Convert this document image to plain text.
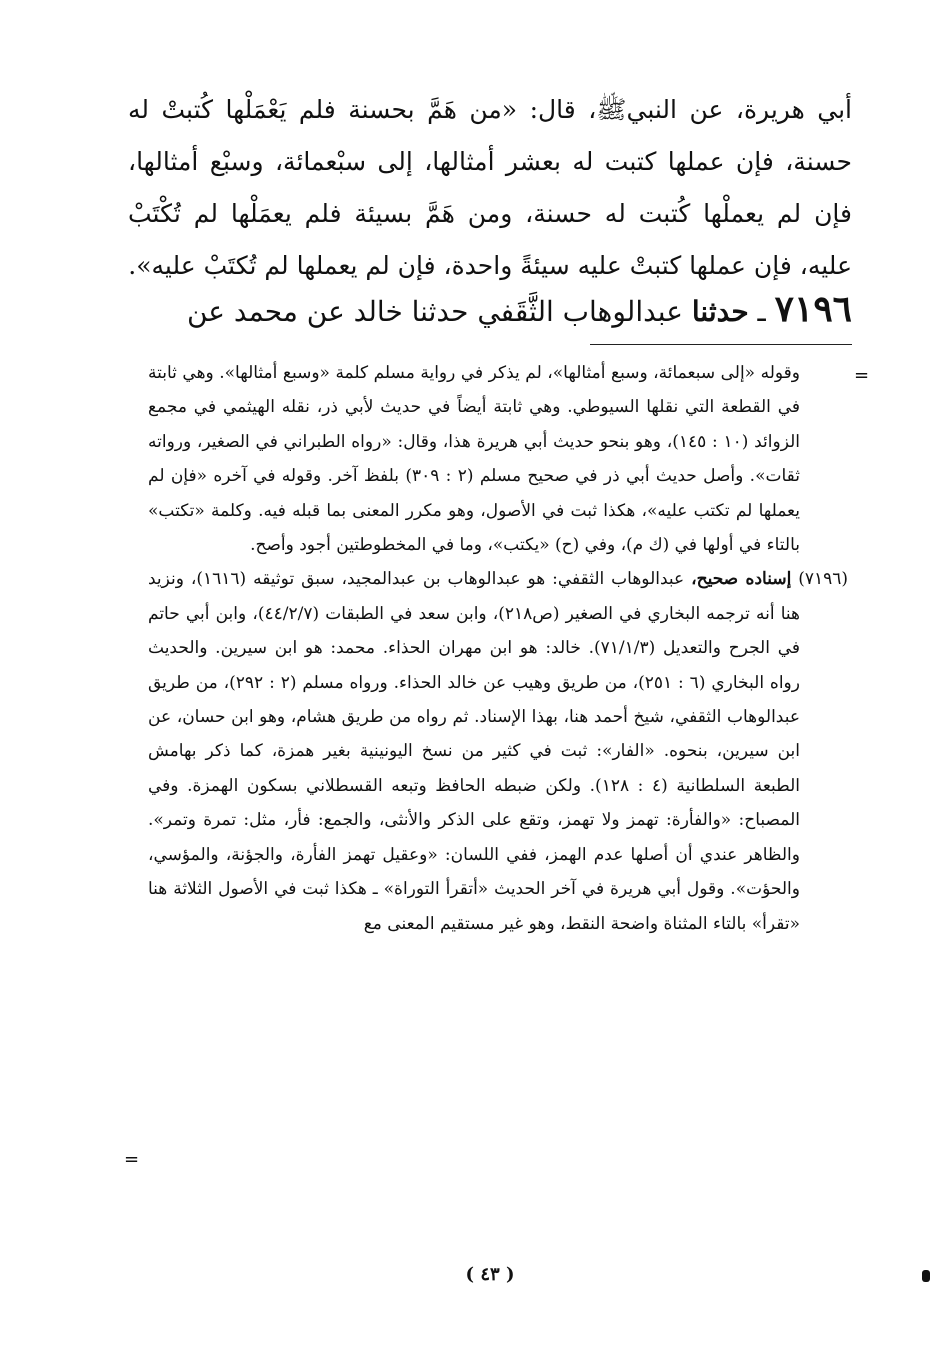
أبي هريرة، عن النبيﷺ، قال: «من هَمَّ بحسنة فلم يَعْمَلْها كُتبتْ له حسنة، فإن عملها كتبت له بعشر أمثالها، إلى سبْعمائة، وسبْع أمثالها، فإن لم يعملْها كُتبت له حسنة، ومن هَمَّ بسيئة فلم يعمَلْها لم تُكْتَبْ عليه، فإن عملها كتبتْ عليه سيئةً واحدة، فإن لم يعملها لم تُكتَبْ عليه».

٧١٩٦ ـ حدثنا عبدالوهاب الثَّقَفي حدثنا خالد عن محمد عن
=

وقوله «إلى سبعمائة، وسبع أمثالها»، لم يذكر في رواية مسلم كلمة «وسبع أمثالها». وهي ثابتة في القطعة التي نقلها السيوطي. وهي ثابتة أيضاً في حديث لأبي ذر، نقله الهيثمي في مجمع الزوائد (١٠ : ١٤٥)، وهو بنحو حديث أبي هريرة هذا، وقال: «رواه الطبراني في الصغير، ورواته ثقات». وأصل حديث أبي ذر في صحيح مسلم (٢ : ٣٠٩) بلفظ آخر. وقوله في آخره «فإن لم يعملها لم تكتب عليه»، هكذا ثبت في الأصول، وهو مكرر المعنى بما قبله فيه. وكلمة «تكتب» بالتاء في أولها في (ك م)، وفي (ح) «يكتب»، وما في المخطوطتين أجود وأصح.

(٧١٩٦) إسناده صحيح، عبدالوهاب الثقفي: هو عبدالوهاب بن عبدالمجيد، سبق توثيقه (١٦١٦)، ونزيد هنا أنه ترجمه البخاري في الصغير (ص٢١٨)، وابن سعد في الطبقات (٤٤/٢/٧)، وابن أبي حاتم في الجرح والتعديل (٧١/١/٣). خالد: هو ابن مهران الحذاء. محمد: هو ابن سيرين. والحديث رواه البخاري (٦ : ٢٥١)، من طريق وهيب عن خالد الحذاء. ورواه مسلم (٢ : ٢٩٢)، من طريق عبدالوهاب الثقفي، شيخ أحمد هنا، بهذا الإسناد. ثم رواه من طريق هشام، وهو ابن حسان، عن ابن سيرين، بنحوه. «الفار»: ثبت في كثير من نسخ اليونينية بغير همزة، كما ذكر بهامش الطبعة السلطانية (٤ : ١٢٨). ولكن ضبطه الحافظ وتبعه القسطلاني بسكون الهمزة. وفي المصباح: «والفأرة: تهمز ولا تهمز، وتقع على الذكر والأنثى، والجمع: فأر، مثل: تمرة وتمر». والظاهر عندي أن أصلها عدم الهمز، ففي اللسان: «وعقيل تهمز الفأرة، والجؤنة، والمؤسي، والحؤت». وقول أبي هريرة في آخر الحديث «أتقرأ التوراة» ـ هكذا ثبت في الأصول الثلاثة هنا «تقرأ» بالتاء المثناة واضحة النقط، وهو غير مستقيم المعنى مع

=
( ٤٣ )
